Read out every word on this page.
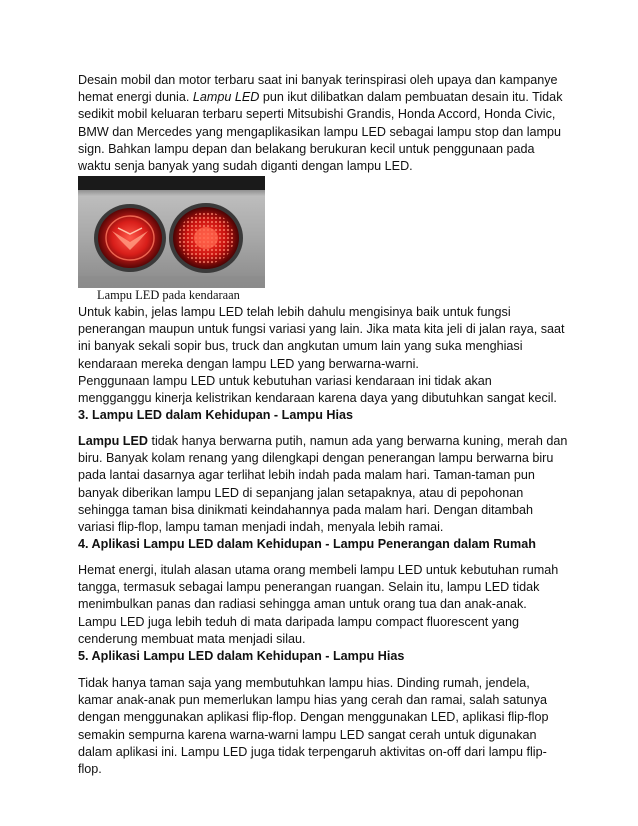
Desain mobil dan motor terbaru saat ini banyak terinspirasi oleh upaya dan kampanye hemat energi dunia. Lampu LED pun ikut dilibatkan dalam pembuatan desain itu. Tidak sedikit mobil keluaran terbaru seperti Mitsubishi Grandis, Honda Accord, Honda Civic, BMW dan Mercedes yang mengaplikasikan lampu LED sebagai lampu stop dan lampu sign. Bahkan lampu depan dan belakang berukuran kecil untuk penggunaan pada waktu senja banyak yang sudah diganti dengan lampu LED.

Lampu LED pada kendaraan

Untuk kabin, jelas lampu LED telah lebih dahulu mengisinya baik untuk fungsi penerangan maupun untuk fungsi variasi yang lain. Jika mata kita jeli di jalan raya, saat ini banyak sekali sopir bus, truck dan angkutan umum lain yang suka menghiasi kendaraan mereka dengan lampu LED yang berwarna-warni.
Penggunaan lampu LED untuk kebutuhan variasi kendaraan ini tidak akan mengganggu kinerja kelistrikan kendaraan karena daya yang dibutuhkan sangat kecil.

3. Lampu LED dalam Kehidupan - Lampu Hias

Lampu LED tidak hanya berwarna putih, namun ada yang berwarna kuning, merah dan biru. Banyak kolam renang yang dilengkapi dengan penerangan lampu berwarna biru pada lantai dasarnya agar terlihat lebih indah pada malam hari. Taman-taman pun banyak diberikan lampu LED di sepanjang jalan setapaknya, atau di pepohonan sehingga taman bisa dinikmati keindahannya pada malam hari. Dengan ditambah variasi flip-flop, lampu taman menjadi indah, menyala lebih ramai.

4. Aplikasi Lampu LED dalam Kehidupan - Lampu Penerangan dalam Rumah

Hemat energi, itulah alasan utama orang membeli lampu LED untuk kebutuhan rumah tangga, termasuk sebagai lampu penerangan ruangan. Selain itu, lampu LED tidak menimbulkan panas dan radiasi sehingga aman untuk orang tua dan anak-anak. Lampu LED juga lebih teduh di mata daripada lampu compact fluorescent yang cenderung membuat mata menjadi silau.

5. Aplikasi Lampu LED dalam Kehidupan - Lampu Hias

Tidak hanya taman saja yang membutuhkan lampu hias. Dinding rumah, jendela, kamar anak-anak pun memerlukan lampu hias yang cerah dan ramai, salah satunya dengan menggunakan aplikasi flip-flop. Dengan menggunakan LED, aplikasi flip-flop semakin sempurna karena warna-warni lampu LED sangat cerah untuk digunakan dalam aplikasi ini. Lampu LED juga tidak terpengaruh aktivitas on-off dari lampu flip-flop.
